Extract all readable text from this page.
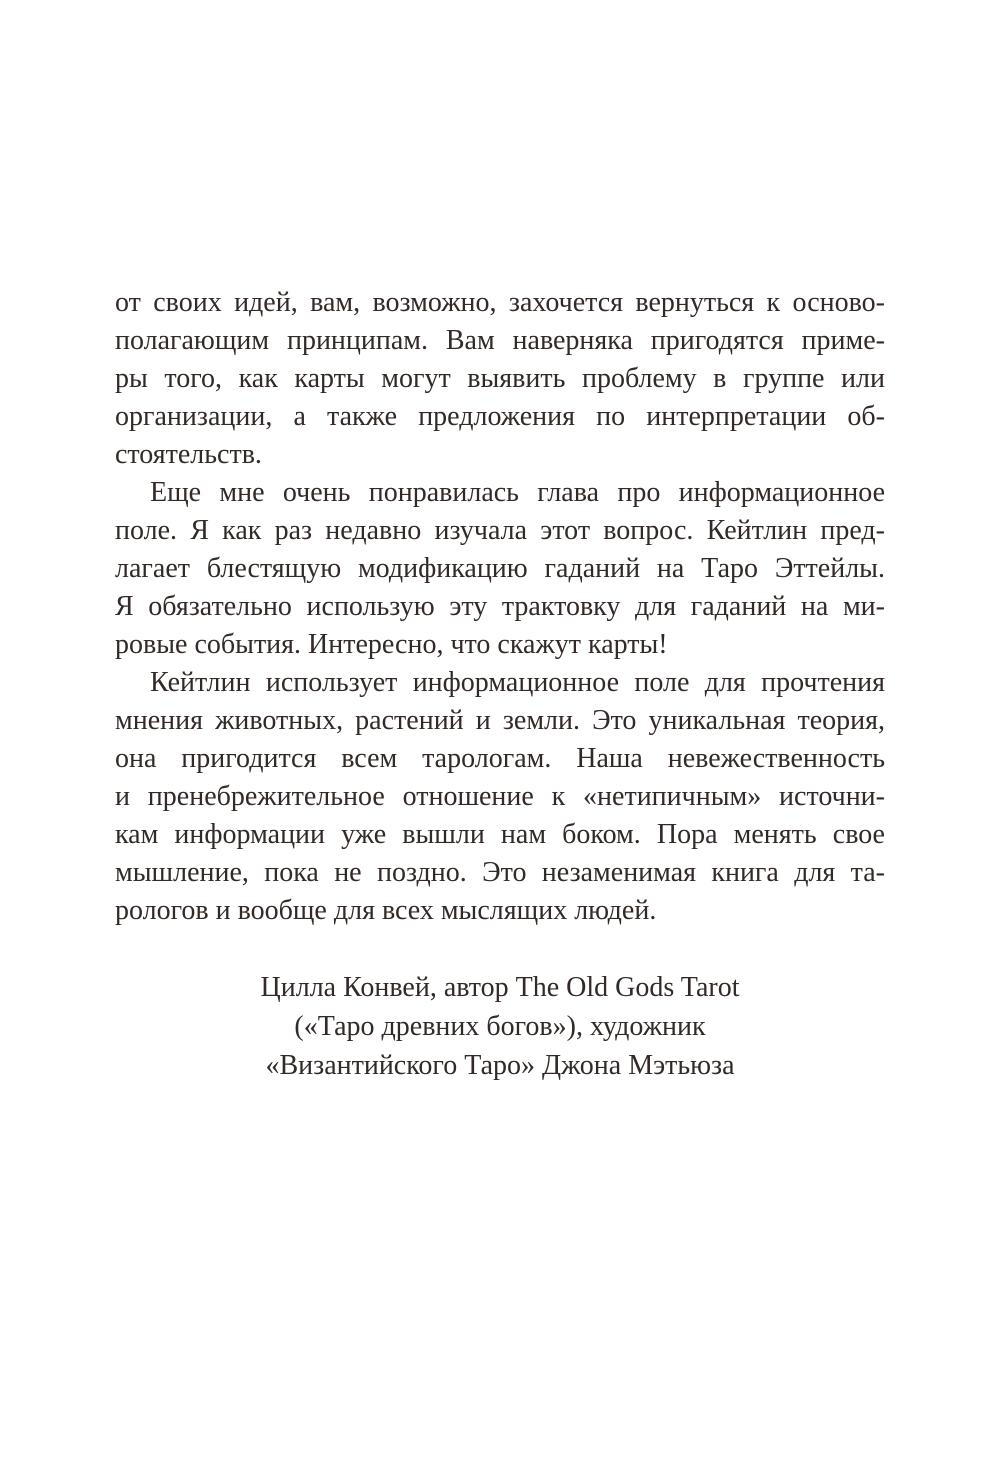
от своих идей, вам, возможно, захочется вернуться к осново-
полагающим принципам. Вам наверняка пригодятся приме-
ры того, как карты могут выявить проблему в группе или
организации, а также предложения по интерпретации об-
стоятельств.
Еще мне очень понравилась глава про информационное
поле. Я как раз недавно изучала этот вопрос. Кейтлин пред-
лагает блестящую модификацию гаданий на Таро Эттейлы.
Я обязательно использую эту трактовку для гаданий на ми-
ровые события. Интересно, что скажут карты!
Кейтлин использует информационное поле для прочтения
мнения животных, растений и земли. Это уникальная теория,
она пригодится всем тарологам. Наша невежественность
и пренебрежительное отношение к «нетипичным» источни-
кам информации уже вышли нам боком. Пора менять свое
мышление, пока не поздно. Это незаменимая книга для та-
рологов и вообще для всех мыслящих людей.
Цилла Конвей, автор The Old Gods Tarot
(«Таро древних богов»), художник
«Византийского Таро» Джона Мэтьюза
